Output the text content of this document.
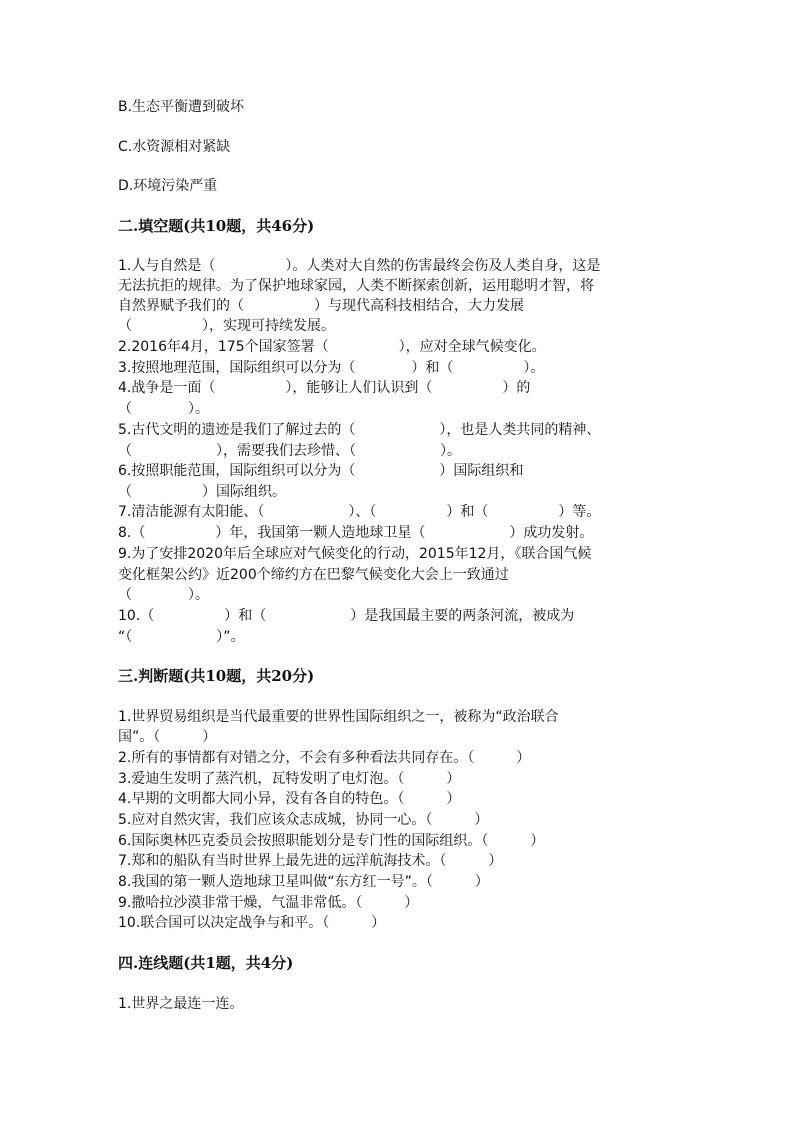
B.生态平衡遭到破坏
C.水资源相对紧缺
D.环境污染严重
二.填空题(共10题，共46分)
1.人与自然是（　　　　　）。人类对大自然的伤害最终会伤及人类自身，这是
无法抗拒的规律。为了保护地球家园，人类不断探索创新，运用聪明才智，将
自然界赋予我们的（　　　　　）与现代高科技相结合，大力发展
（　　　　　），实现可持续发展。
2.2016年4月，175个国家签署（　　　　　），应对全球气候变化。
3.按照地理范围，国际组织可以分为（　　　　）和（　　　　　）。
4.战争是一面（　　　　　），能够让人们认识到（　　　　　）的
（　　　　）。
5.古代文明的遗迹是我们了解过去的（　　　　　　），也是人类共同的精神、
（　　　　　　），需要我们去珍惜、（　　　　　　）。
6.按照职能范围，国际组织可以分为（　　　　　　）国际组织和
（　　　　　）国际组织。
7.清洁能源有太阳能、（　　　　　　）、（　　　　　）和（　　　　　）等。
8.（　　　　　）年，我国第一颗人造地球卫星（　　　　　　）成功发射。
9.为了安排2020年后全球应对气候变化的行动，2015年12月，《联合国气候
变化框架公约》近200个缔约方在巴黎气候变化大会上一致通过
（　　　　）。
10.（　　　　　）和（　　　　　　）是我国最主要的两条河流，被成为
“（　　　　　　）”。
三.判断题(共10题，共20分)
1.世界贸易组织是当代最重要的世界性国际组织之一，被称为“政治联合
国”。（　　　）
2.所有的事情都有对错之分，不会有多种看法共同存在。（　　　）
3.爱迪生发明了蒸汽机，瓦特发明了电灯泡。（　　　）
4.早期的文明都大同小异，没有各自的特色。（　　　）
5.应对自然灾害，我们应该众志成城，协同一心。（　　　）
6.国际奥林匹克委员会按照职能划分是专门性的国际组织。（　　　）
7.郑和的船队有当时世界上最先进的远洋航海技术。（　　　）
8.我国的第一颗人造地球卫星叫做“东方红一号”。（　　　）
9.撒哈拉沙漠非常干燥，气温非常低。（　　　）
10.联合国可以决定战争与和平。（　　　）
四.连线题(共1题，共4分)
1.世界之最连一连。
